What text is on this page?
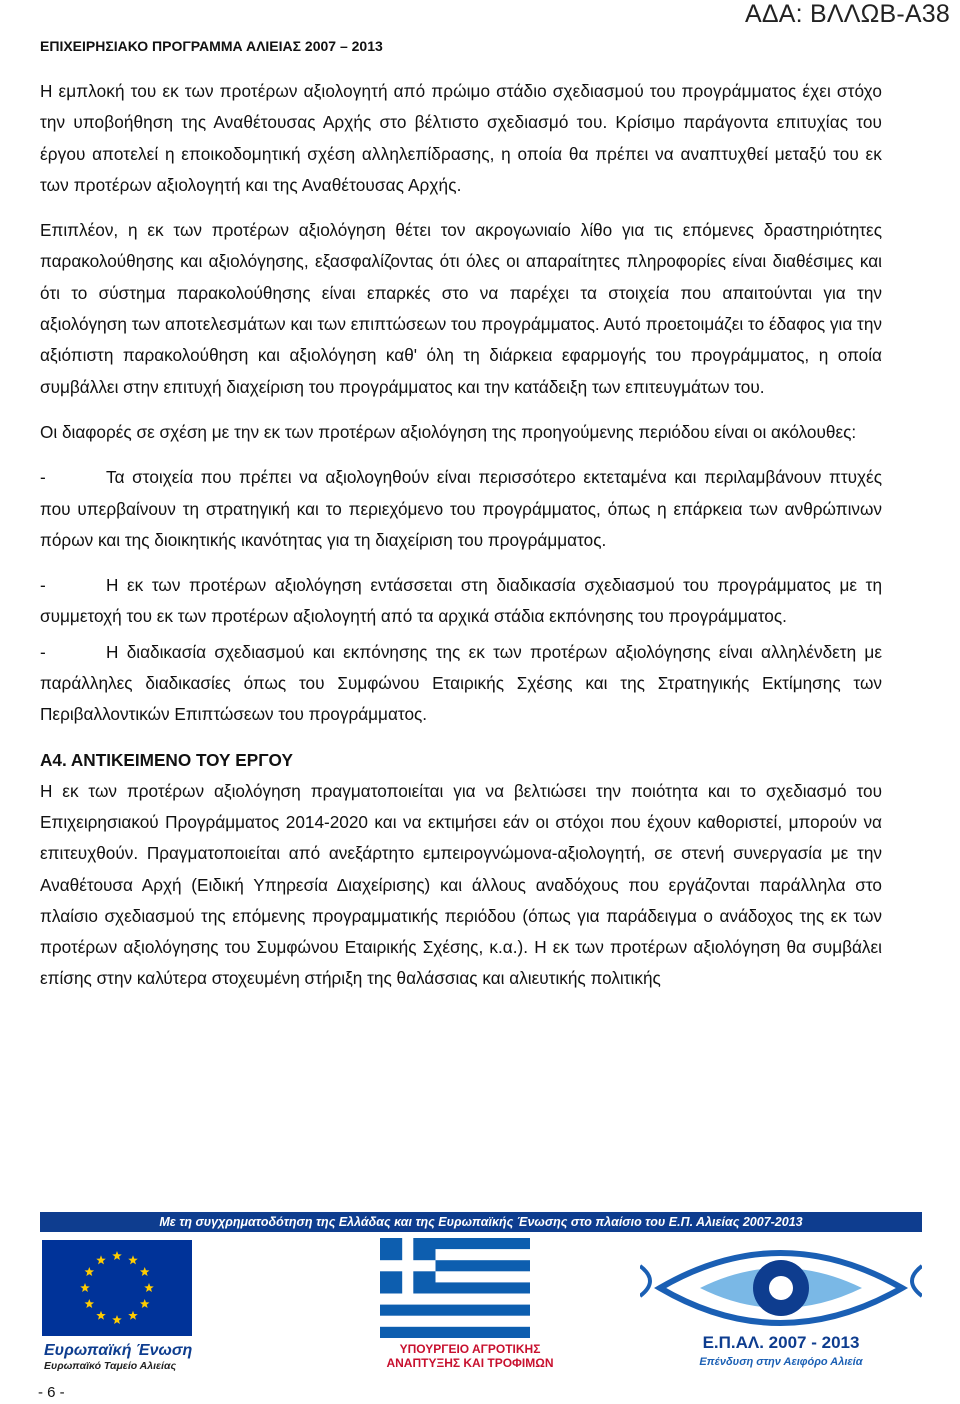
ΑΔΑ: ΒΛΛΩΒ-Α38
ΕΠΙΧΕΙΡΗΣΙΑΚΟ ΠΡΟΓΡΑΜΜΑ ΑΛΙΕΙΑΣ 2007 – 2013

Η εμπλοκή του εκ των προτέρων αξιολογητή από πρώιμο στάδιο σχεδιασμού του προγράμματος έχει στόχο την υποβοήθηση της Αναθέτουσας Αρχής στο βέλτιστο σχεδιασμό του. Κρίσιμο παράγοντα επιτυχίας του έργου αποτελεί η εποικοδομητική σχέση αλληλεπίδρασης, η οποία θα πρέπει να αναπτυχθεί μεταξύ του εκ των προτέρων αξιολογητή και της Αναθέτουσας Αρχής.

Επιπλέον, η εκ των προτέρων αξιολόγηση θέτει τον ακρογωνιαίο λίθο για τις επόμενες δραστηριότητες παρακολούθησης και αξιολόγησης, εξασφαλίζοντας ότι όλες οι απαραίτητες πληροφορίες είναι διαθέσιμες και ότι το σύστημα παρακολούθησης είναι επαρκές στο να παρέχει τα στοιχεία που απαιτούνται για την αξιολόγηση των αποτελεσμάτων και των επιπτώσεων του προγράμματος. Αυτό προετοιμάζει το έδαφος για την αξιόπιστη παρακολούθηση και αξιολόγηση καθ' όλη τη διάρκεια εφαρμογής του προγράμματος, η οποία συμβάλλει στην επιτυχή διαχείριση του προγράμματος και την κατάδειξη των επιτευγμάτων του.

Οι διαφορές σε σχέση με την εκ των προτέρων αξιολόγηση της προηγούμενης περιόδου είναι οι ακόλουθες:

-	Τα στοιχεία που πρέπει να αξιολογηθούν είναι περισσότερο εκτεταμένα και περιλαμβάνουν πτυχές που υπερβαίνουν τη στρατηγική και το περιεχόμενο του προγράμματος, όπως η επάρκεια των ανθρώπινων πόρων και της διοικητικής ικανότητας για τη διαχείριση του προγράμματος.

-	Η εκ των προτέρων αξιολόγηση εντάσσεται στη διαδικασία σχεδιασμού του προγράμματος με τη συμμετοχή του εκ των προτέρων αξιολογητή από τα αρχικά στάδια εκπόνησης του προγράμματος.

-	Η διαδικασία σχεδιασμού και εκπόνησης της εκ των προτέρων αξιολόγησης είναι αλληλένδετη με παράλληλες διαδικασίες όπως του Συμφώνου Εταιρικής Σχέσης και της Στρατηγικής Εκτίμησης των Περιβαλλοντικών Επιπτώσεων του προγράμματος.

Α4. ΑΝΤΙΚΕΙΜΕΝΟ ΤΟΥ ΕΡΓΟΥ

Η εκ των προτέρων αξιολόγηση πραγματοποιείται για να βελτιώσει την ποιότητα και το σχεδιασμό του Επιχειρησιακού Προγράμματος 2014-2020 και να εκτιμήσει εάν οι στόχοι που έχουν καθοριστεί, μπορούν να επιτευχθούν. Πραγματοποιείται από ανεξάρτητο εμπειρογνώμονα-αξιολογητή, σε στενή συνεργασία με την Αναθέτουσα Αρχή (Ειδική Υπηρεσία Διαχείρισης) και άλλους αναδόχους που εργάζονται παράλληλα στο πλαίσιο σχεδιασμού της επόμενης προγραμματικής περιόδου (όπως για παράδειγμα ο ανάδοχος της εκ των προτέρων αξιολόγησης του Συμφώνου Εταιρικής Σχέσης, κ.α.). Η εκ των προτέρων αξιολόγηση θα συμβάλει επίσης στην καλύτερα στοχευμένη στήριξη της θαλάσσιας και αλιευτικής πολιτικής

Με τη συγχρηματοδότηση της Ελλάδας και της Ευρωπαϊκής Ένωσης στο πλαίσιο του Ε.Π. Αλιείας 2007-2013
Ευρωπαϊκή Ένωση
Ευρωπαϊκό Ταμείο Αλιείας
ΥΠΟΥΡΓΕΙΟ ΑΓΡΟΤΙΚΗΣ
ΑΝΑΠΤΥΞΗΣ ΚΑΙ ΤΡΟΦΙΜΩΝ
Ε.Π.ΑΛ. 2007 - 2013
Επένδυση στην Αειφόρο Αλιεία
- 6 -
